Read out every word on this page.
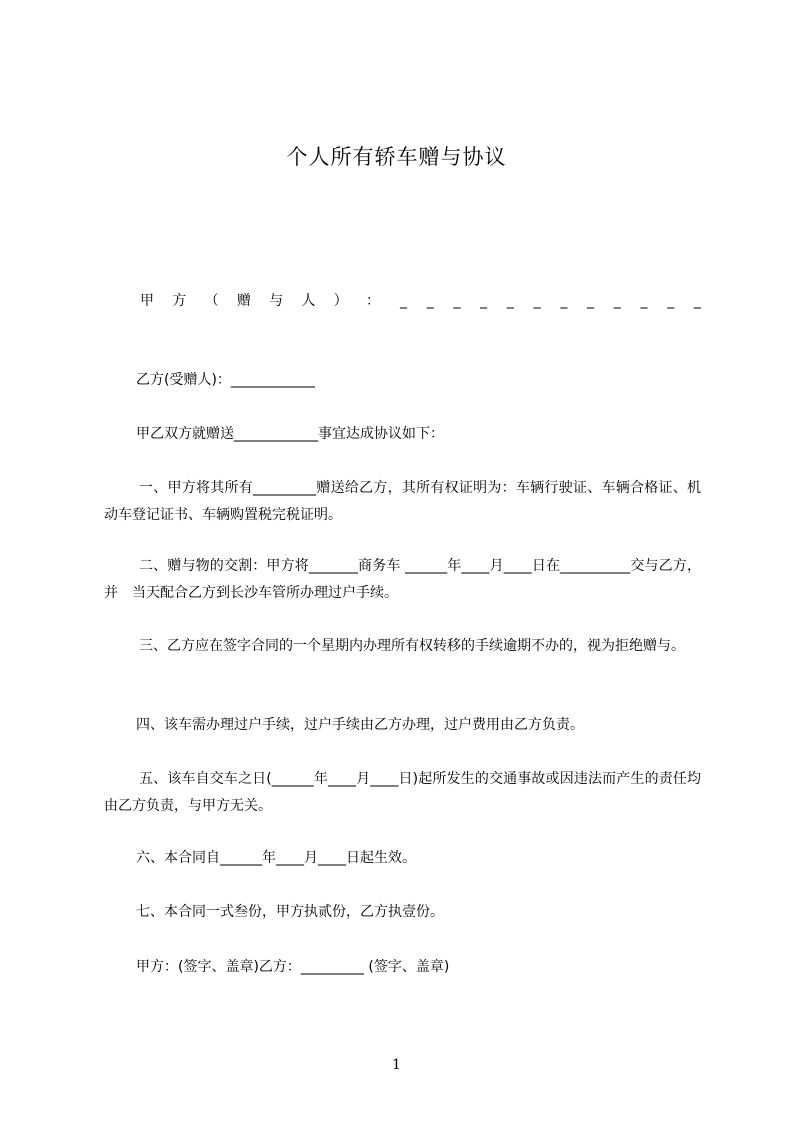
个人所有轿车赠与协议
甲 方 （ 赠 与 人 ） ： _ _ _ _ _ _ _ _ _ _ _ _
乙方(受赠人)：____________
甲乙双方就赠送____________事宜达成协议如下：
一、甲方将其所有_________赠送给乙方，其所有权证明为：车辆行驶证、车辆合格证、机动车登记证书、车辆购置税完税证明。
二、赠与物的交割：甲方将_______商务车 ______年____月____日在__________交与乙方，并　当天配合乙方到长沙车管所办理过户手续。
三、乙方应在签字合同的一个星期内办理所有权转移的手续逾期不办的，视为拒绝赠与。
四、该车需办理过户手续，过户手续由乙方办理，过户费用由乙方负责。
五、该车自交车之日(______年____月____日)起所发生的交通事故或因违法而产生的责任均由乙方负责，与甲方无关。
六、本合同自______年____月____日起生效。
七、本合同一式叁份，甲方执贰份，乙方执壹份。
甲方：(签字、盖章)乙方：_________ (签字、盖章)
1
